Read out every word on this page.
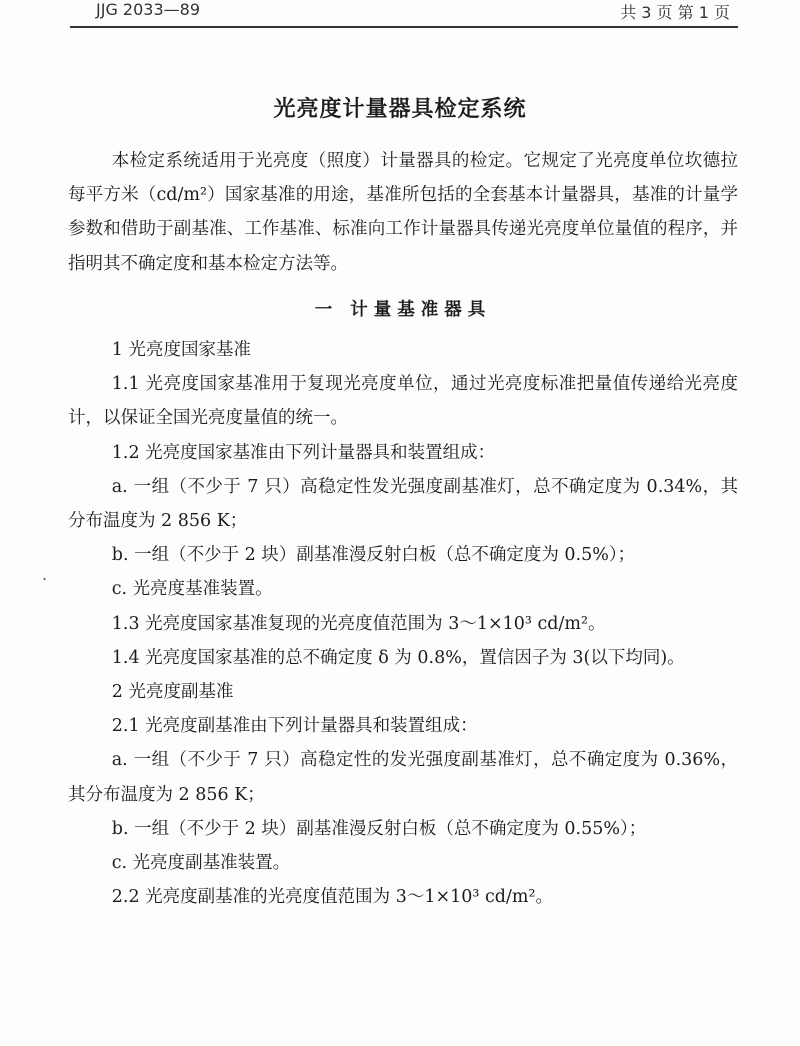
JJG 2033—89	共 3 页 第 1 页
光亮度计量器具检定系统
.

本检定系统适用于光亮度（照度）计量器具的检定。它规定了光亮度单位坎德拉每平方米（cd/m²）国家基准的用途，基准所包括的全套基本计量器具，基准的计量学参数和借助于副基准、工作基准、标准向工作计量器具传递光亮度单位量值的程序，并指明其不确定度和基本检定方法等。

一 计量基准器具

1 光亮度国家基准

1.1 光亮度国家基准用于复现光亮度单位，通过光亮度标准把量值传递给光亮度计，以保证全国光亮度量值的统一。

1.2 光亮度国家基准由下列计量器具和装置组成：

a. 一组（不少于 7 只）高稳定性发光强度副基准灯，总不确定度为 0.34%，其分布温度为 2 856 K；

b. 一组（不少于 2 块）副基准漫反射白板（总不确定度为 0.5%）；

c. 光亮度基准装置。

1.3 光亮度国家基准复现的光亮度值范围为 3～1×10³ cd/m²。

1.4 光亮度国家基准的总不确定度 δ 为 0.8%，置信因子为 3(以下均同)。

2 光亮度副基准

2.1 光亮度副基准由下列计量器具和装置组成：

a. 一组（不少于 7 只）高稳定性的发光强度副基准灯，总不确定度为 0.36%，其分布温度为 2 856 K；

b. 一组（不少于 2 块）副基准漫反射白板（总不确定度为 0.55%）；

c. 光亮度副基准装置。

2.2 光亮度副基准的光亮度值范围为 3～1×10³ cd/m²。
